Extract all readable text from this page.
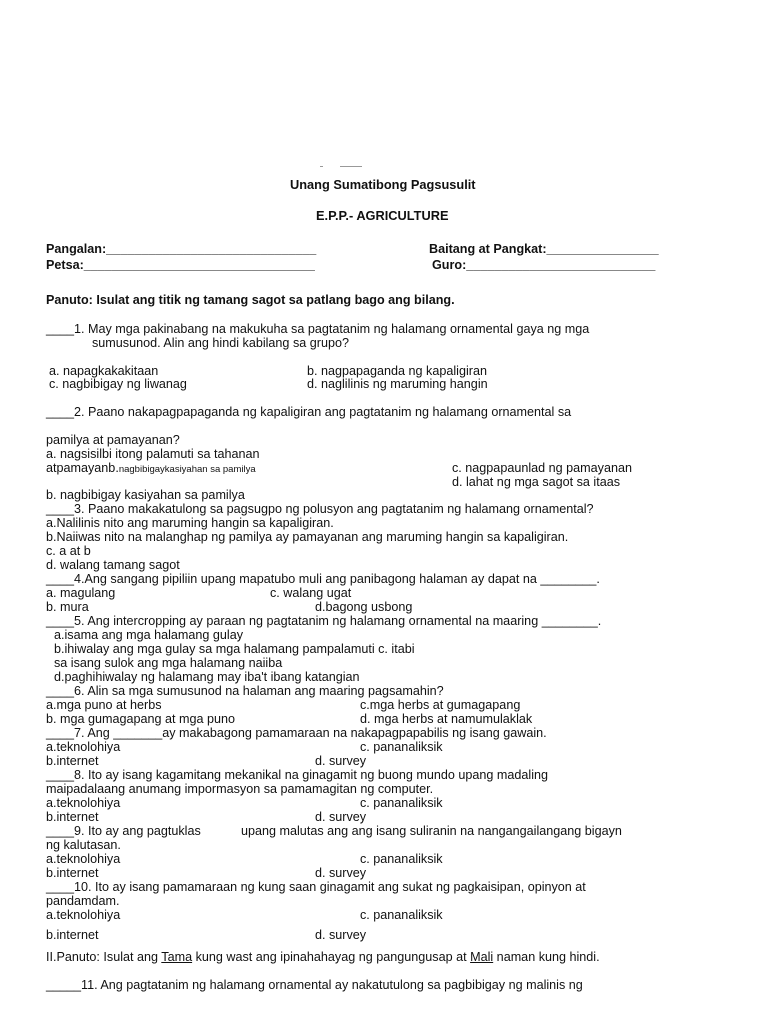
Unang Sumatibong Pagsusulit
E.P.P.- AGRICULTURE
Pangalan:______________________________	Baitang at Pangkat:________________
Petsa:_________________________________	Guro:___________________________
Panuto: Isulat ang titik ng tamang sagot sa patlang bago ang bilang.
____1. May mga pakinabang na makukuha sa pagtatanim ng halamang ornamental gaya ng mga
sumusunod. Alin ang hindi kabilang sa grupo?
a. napagkakakitaan	b. nagpapaganda ng kapaligiran
c. nagbibigay ng liwanag	d. naglilinis ng maruming hangin
____2. Paano nakapagpapaganda ng kapaligiran ang pagtatanim ng halamang ornamental sa
pamilya at pamayanan?
a. nagsisilbi itong palamuti sa tahanan
atpamayanb.nagbibigaykasiyahan sa pamilya	c. nagpapaunlad ng pamayanan
d. lahat ng mga sagot sa itaas
b. nagbibigay kasiyahan sa pamilya
____3. Paano makakatulong sa pagsugpo ng polusyon ang pagtatanim ng halamang ornamental?
a.Nalilinis nito ang maruming hangin sa kapaligiran.
b.Naiiwas nito na malanghap ng pamilya ay pamayanan ang maruming hangin sa kapaligiran.
c. a at b
d. walang tamang sagot
____4.Ang sangang pipiliin upang mapatubo muli ang panibagong halaman ay dapat na ________.
a. magulang	c. walang ugat
b. mura	d.bagong usbong
____5. Ang intercropping ay paraan ng pagtatanim ng halamang ornamental na maaring ________.
a.isama ang mga halamang gulay
b.ihiwalay ang mga gulay sa mga halamang pampalamuti c. itabi
sa isang sulok ang mga halamang naiiba
d.paghihiwalay ng halamang may iba't ibang katangian
____6. Alin sa mga sumusunod na halaman ang maaring pagsamahin?
a.mga puno at herbs	c.mga herbs at gumagapang
b. mga gumagapang at mga puno	d. mga herbs at namumulaklak
____7. Ang _______ay makabagong pamamaraan na nakapagpapabilis ng isang gawain.
a.teknolohiya	c. pananaliksik
b.internet	d. survey
____8. Ito ay isang kagamitang mekanikal na ginagamit ng buong mundo upang madaling
maipadalaang anumang impormasyon sa pamamagitan ng computer.
a.teknolohiya	c. pananaliksik
b.internet	d. survey
____9. Ito ay ang pagtuklas	upang malutas ang ang isang suliranin na nangangailangang bigayn
ng kalutasan.
a.teknolohiya	c. pananaliksik
b.internet	d. survey
____10. Ito ay isang pamamaraan ng kung saan ginagamit ang sukat ng pagkaisipan, opinyon at
pandamdam.
a.teknolohiya	c. pananaliksik
b.internet	d. survey
II.Panuto: Isulat ang Tama kung wast ang ipinahahayag ng pangungusap at Mali naman kung hindi.
_____11. Ang pagtatanim ng halamang ornamental ay nakatutulong sa pagbibigay ng malinis ng
